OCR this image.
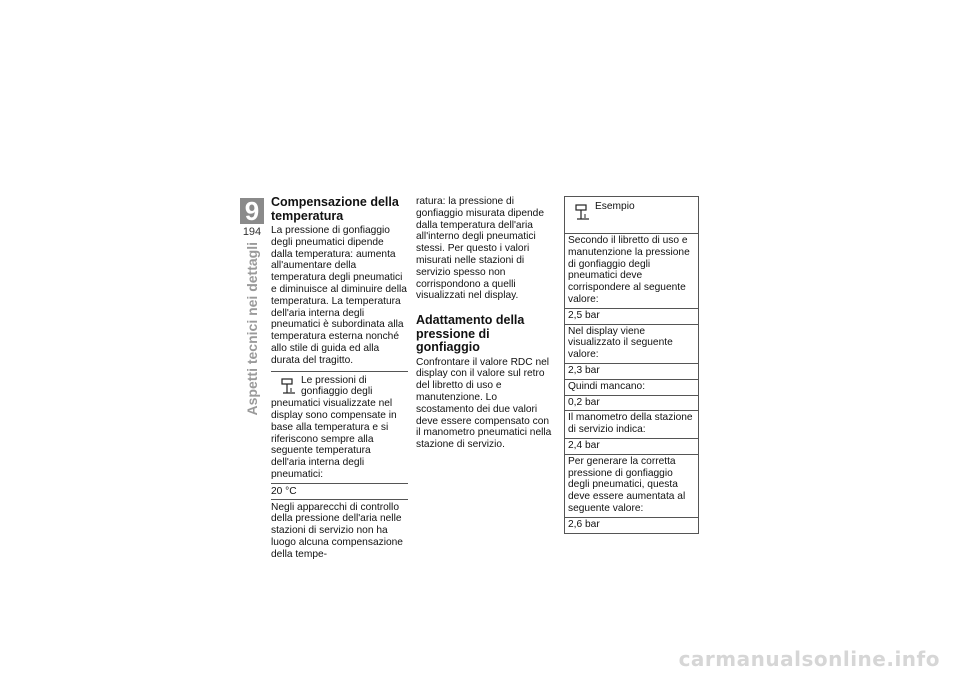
9
194
Aspetti tecnici nei dettagli
Compensazione della temperatura

La pressione di gonfiaggio degli pneumatici dipende dalla temperatura: aumenta all'aumentare della temperatura degli pneumatici e diminuisce al diminuire della temperatura. La temperatura dell'aria interna degli pneumatici è subordinata alla temperatura esterna nonché allo stile di guida ed alla durata del tragitto.

Le pressioni di gonfiaggio degli pneumatici visualizzate nel display sono compensate in base alla temperatura e si riferiscono sempre alla seguente temperatura dell'aria interna degli pneumatici:
20 °C

Negli apparecchi di controllo della pressione dell'aria nelle stazioni di servizio non ha luogo alcuna compensazione della tempe-

ratura: la pressione di gonfiaggio misurata dipende dalla temperatura dell'aria all'interno degli pneumatici stessi. Per questo i valori misurati nelle stazioni di servizio spesso non corrispondono a quelli visualizzati nel display.

Adattamento della pressione di gonfiaggio

Confrontare il valore RDC nel display con il valore sul retro del libretto di uso e manutenzione. Lo scostamento dei due valori deve essere compensato con il manometro pneumatici nella stazione di servizio.

Esempio
Secondo il libretto di uso e manutenzione la pressione di gonfiaggio degli pneumatici deve corrispondere al seguente valore:
2,5 bar
Nel display viene visualizzato il seguente valore:
2,3 bar
Quindi mancano:
0,2 bar
Il manometro della stazione di servizio indica:
2,4 bar
Per generare la corretta pressione di gonfiaggio degli pneumatici, questa deve essere aumentata al seguente valore:
2,6 bar
carmanualsonline.info
